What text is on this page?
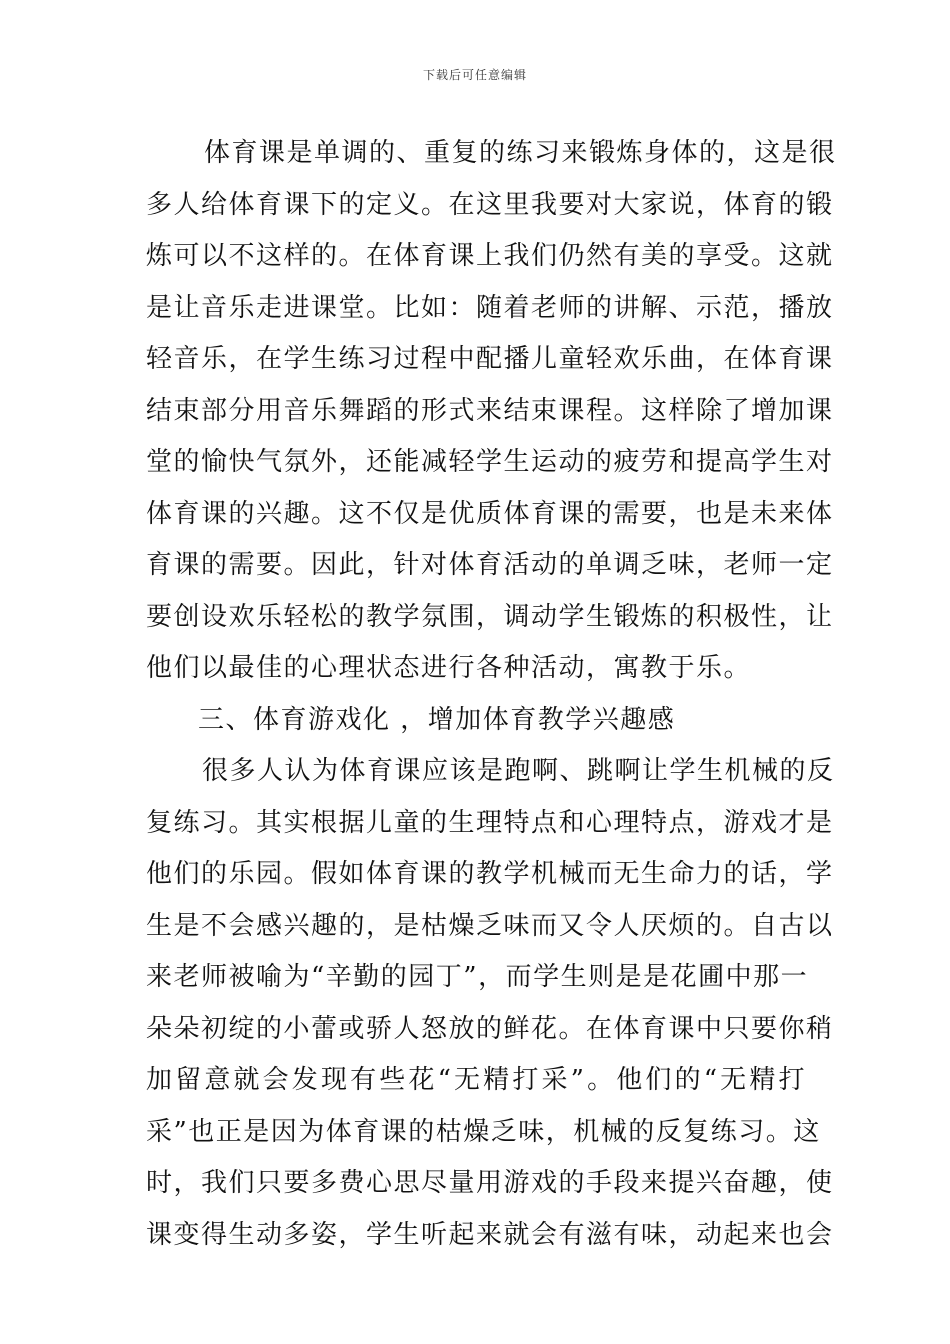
下载后可任意编辑
体育课是单调的、重复的练习来锻炼身体的，这是很
多人给体育课下的定义。在这里我要对大家说，体育的锻
炼可以不这样的。在体育课上我们仍然有美的享受。这就
是让音乐走进课堂。比如：随着老师的讲解、示范，播放
轻音乐，在学生练习过程中配播儿童轻欢乐曲，在体育课
结束部分用音乐舞蹈的形式来结束课程。这样除了增加课
堂的愉快气氛外，还能减轻学生运动的疲劳和提高学生对
体育课的兴趣。这不仅是优质体育课的需要，也是未来体
育课的需要。因此，针对体育活动的单调乏味，老师一定
要创设欢乐轻松的教学氛围，调动学生锻炼的积极性，让
他们以最佳的心理状态进行各种活动，寓教于乐。
三、体育游戏化 ，增加体育教学兴趣感
很多人认为体育课应该是跑啊、跳啊让学生机械的反
复练习。其实根据儿童的生理特点和心理特点，游戏才是
他们的乐园。假如体育课的教学机械而无生命力的话，学
生是不会感兴趣的，是枯燥乏味而又令人厌烦的。自古以
来老师被喻为“辛勤的园丁”，而学生则是是花圃中那一
朵朵初绽的小蕾或骄人怒放的鲜花。在体育课中只要你稍
加留意就会发现有些花“无精打采”。他们的“无精打
采”也正是因为体育课的枯燥乏味，机械的反复练习。这
时，我们只要多费心思尽量用游戏的手段来提兴奋趣，使
课变得生动多姿，学生听起来就会有滋有味，动起来也会
